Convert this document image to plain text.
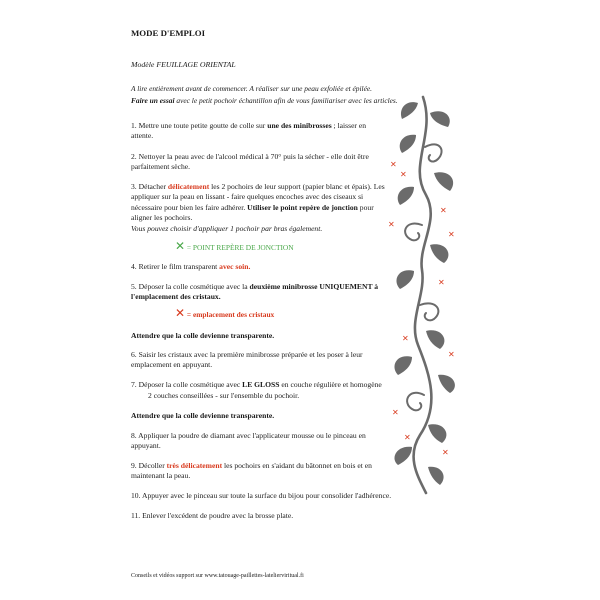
MODE D'EMPLOI
Modèle FEUILLAGE ORIENTAL
A lire entièrement avant de commencer. A réaliser sur une peau exfoliée et épilée.
Faire un essai avec le petit pochoir échantillon afin de vous familiariser avec les articles.
1. Mettre une toute petite goutte de colle sur une des minibrosses ; laisser en attente.
2. Nettoyer la peau avec de l'alcool médical à 70° puis la sécher - elle doit être parfaitement sèche.
3. Détacher délicatement les 2 pochoirs de leur support (papier blanc et épais). Les appliquer sur la peau en lissant - faire quelques encoches avec des ciseaux si nécessaire pour bien les faire adhérer. Utiliser le point repère de jonction pour aligner les pochoirs.
Vous pouvez choisir d'appliquer 1 pochoir par bras également.
✕ = POINT REPÈRE DE JONCTION
4. Retirer le film transparent avec soin.
5. Déposer la colle cosmétique avec la deuxième minibrosse UNIQUEMENT à l'emplacement des cristaux.
✕ = emplacement des cristaux
Attendre que la colle devienne transparente.
6. Saisir les cristaux avec la première minibrosse préparée et les poser à leur emplacement en appuyant.
7. Déposer la colle cosmétique avec LE GLOSS en couche régulière et homogène
2 couches conseillées - sur l'ensemble du pochoir.
Attendre que la colle devienne transparente.
8. Appliquer la poudre de diamant avec l'applicateur mousse ou le pinceau en appuyant.
9. Décoller très délicatement les pochoirs en s'aidant du bâtonnet en bois et en maintenant la peau.
10. Appuyer avec le pinceau sur toute la surface du bijou pour consolider l'adhérence.
11. Enlever l'excédent de poudre avec la brosse plate.
Conseils et vidéos support sur www.tatouage-paillettes-latelierviritual.fi
✕
✕
✕
✕
✕
✕
✕
✕
✕
✕
✕
